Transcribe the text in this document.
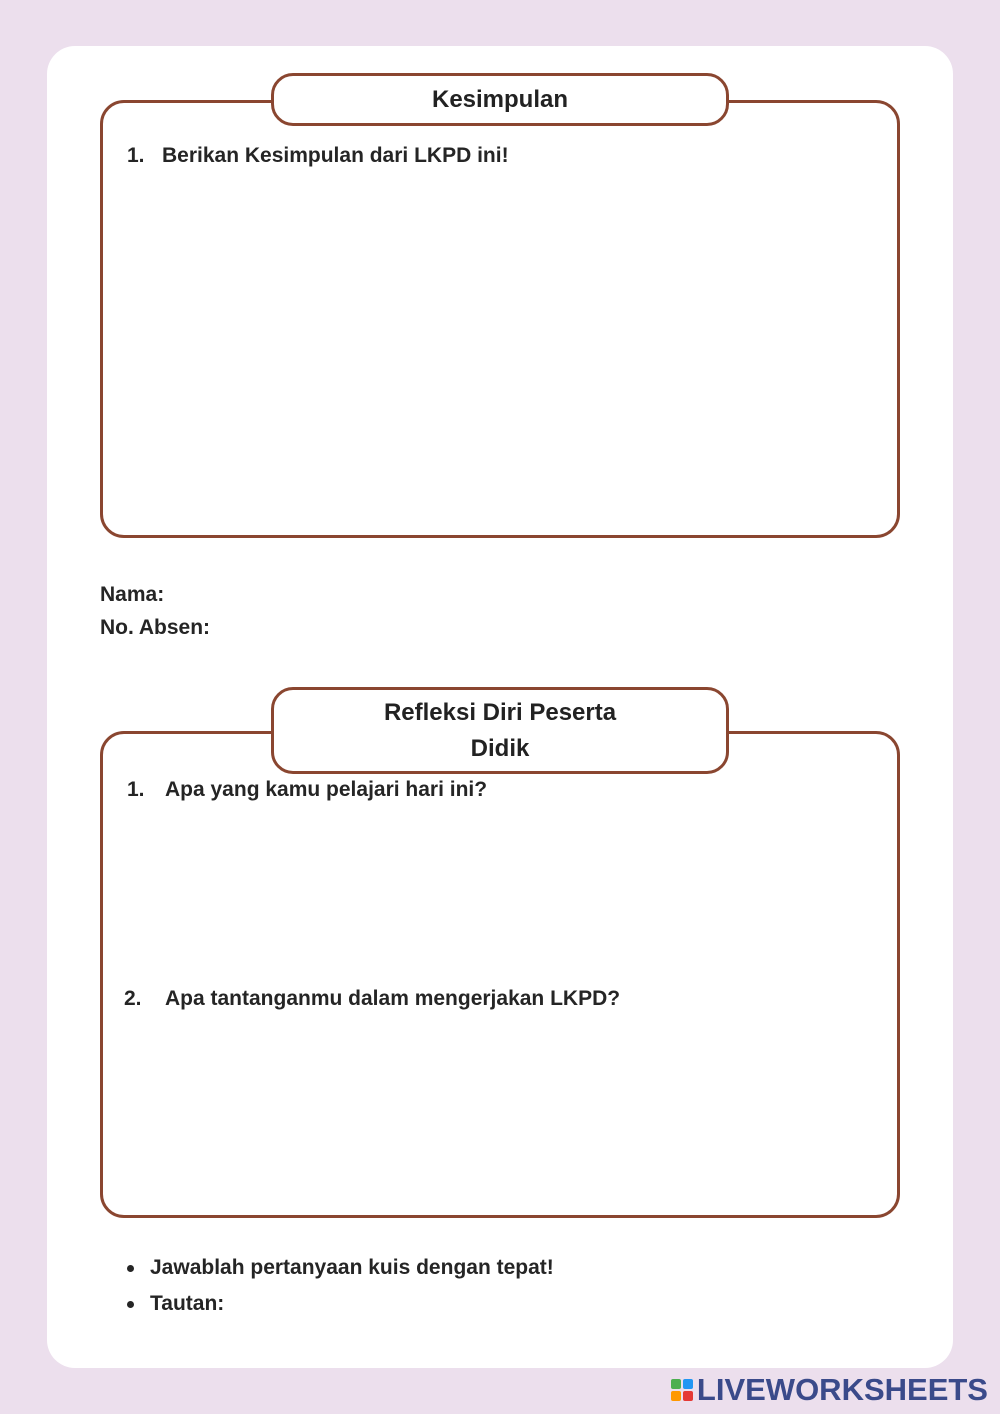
Kesimpulan
1. Berikan Kesimpulan dari LKPD ini!
Nama:
No. Absen:
Refleksi Diri Peserta
Didik
1. Apa yang kamu pelajari hari ini?
2.	Apa tantanganmu dalam mengerjakan LKPD?
Jawablah pertanyaan kuis dengan tepat!
Tautan:
LIVEWORKSHEETS
